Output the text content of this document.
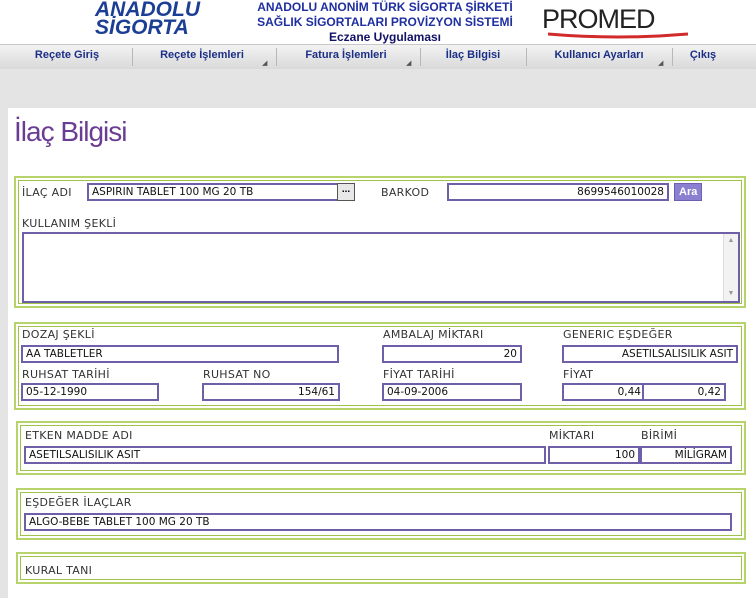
ANADOLU
SİGORTA
ANADOLU ANONİM TÜRK SİGORTA ŞİRKETİ
SAĞLIK SİGORTALARI PROVİZYON SİSTEMİ
Eczane Uygulaması
PROMED
Reçete Giriş	Reçete İşlemleri
◢
Fatura İşlemleri
◢
İlaç Bilgisi	Kullanıcı Ayarları
◢
Çıkış
İlaç Bilgisi
İLAÇ ADI	ASPIRIN TABLET 100 MG 20 TB	...	BARKOD	8699546010028	Ara
KULLANIM ŞEKLİ
▲
▼
DOZAJ ŞEKLİ
AA TABLETLER
AMBALAJ MİKTARI
20
GENERIC EŞDEĞER
ASETILSALISILIK ASIT
RUHSAT TARİHİ
05-12-1990
RUHSAT NO
154/61
FİYAT TARİHİ
04-09-2006
FİYAT
0,44	0,42
ETKEN MADDE ADI
ASETILSALISILIK ASIT
MİKTARI
100
BİRİMİ
MİLİGRAM
EŞDEĞER İLAÇLAR
ALGO-BEBE TABLET 100 MG 20 TB
KURAL TANI
